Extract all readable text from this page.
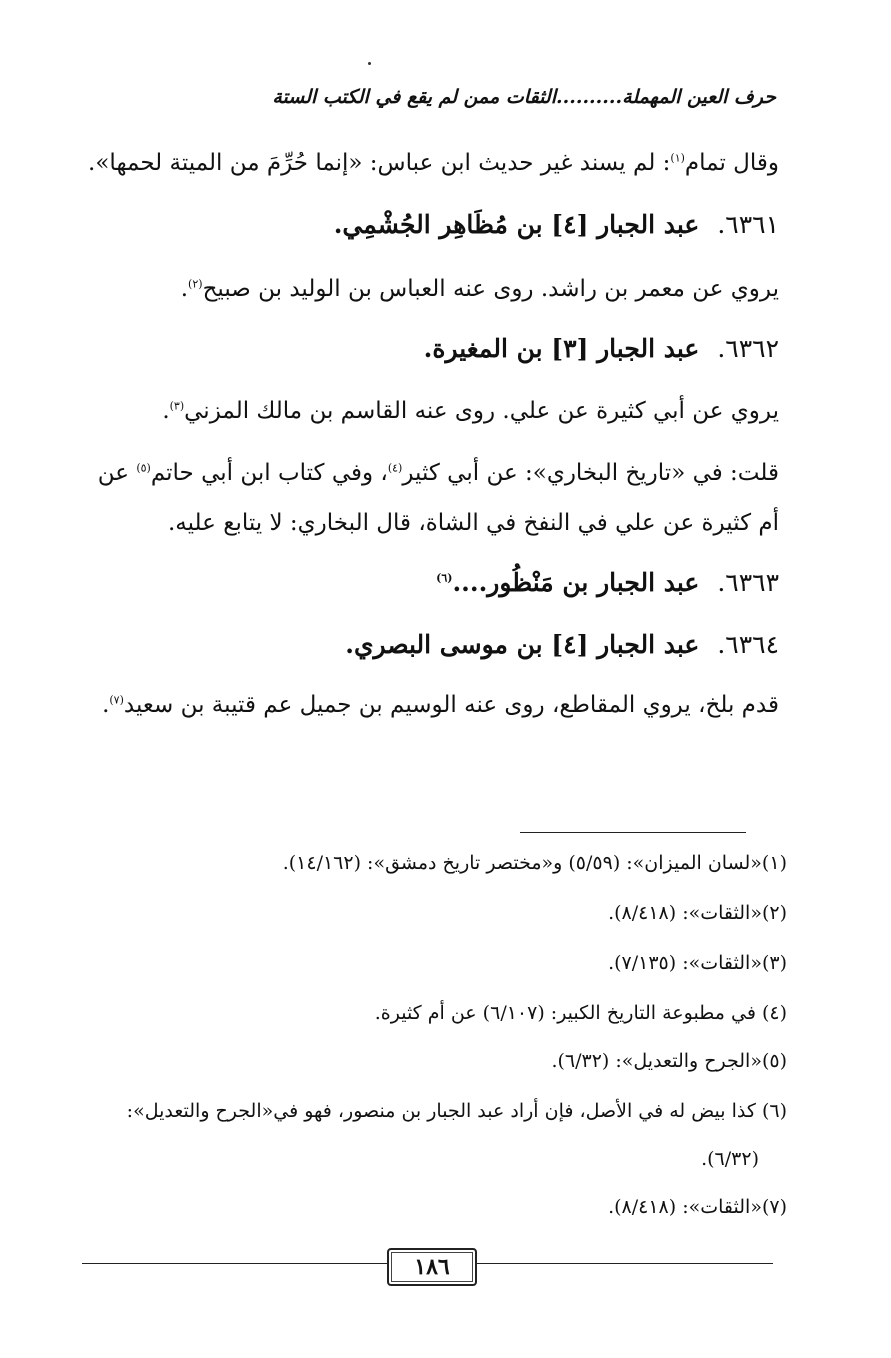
حرف العين المهملة..........الثقات ممن لم يقع في الكتب الستة
وقال تمام$^{(١)}$: لم يسند غير حديث ابن عباس: «إنما حُرِّمَ من الميتة لحمها».
٦٣٦١.عبد الجبار [٤] بن مُظَاهِر الجُشْمِي.
يروي عن معمر بن راشد. روى عنه العباس بن الوليد بن صبيح$^{(٢)}$.
٦٣٦٢.عبد الجبار [٣] بن المغيرة.
يروي عن أبي كثيرة عن علي. روى عنه القاسم بن مالك المزني$^{(٣)}$.
قلت: في «تاريخ البخاري»: عن أبي كثير$^{(٤)}$، وفي كتاب ابن أبي حاتم$^{(٥)}$ عن
أم كثيرة عن علي في النفخ في الشاة، قال البخاري: لا يتابع عليه.
٦٣٦٣.عبد الجبار بن مَنْظُور....$^{(٦)}$
٦٣٦٤.عبد الجبار [٤] بن موسى البصري.
قدم بلخ، يروي المقاطع، روى عنه الوسيم بن جميل عم قتيبة بن سعيد$^{(٧)}$.
(١)«لسان الميزان»: (٥/٥٩) و«مختصر تاريخ دمشق»: (١٤/١٦٢).
(٢)«الثقات»: (٨/٤١٨).
(٣)«الثقات»: (٧/١٣٥).
(٤) في مطبوعة التاريخ الكبير: (٦/١٠٧) عن أم كثيرة.
(٥)«الجرح والتعديل»: (٦/٣٢).
(٦) كذا بيض له في الأصل، فإن أراد عبد الجبار بن منصور، فهو في«الجرح والتعديل»:
(٦/٣٢).
(٧)«الثقات»: (٨/٤١٨).
١٨٦
